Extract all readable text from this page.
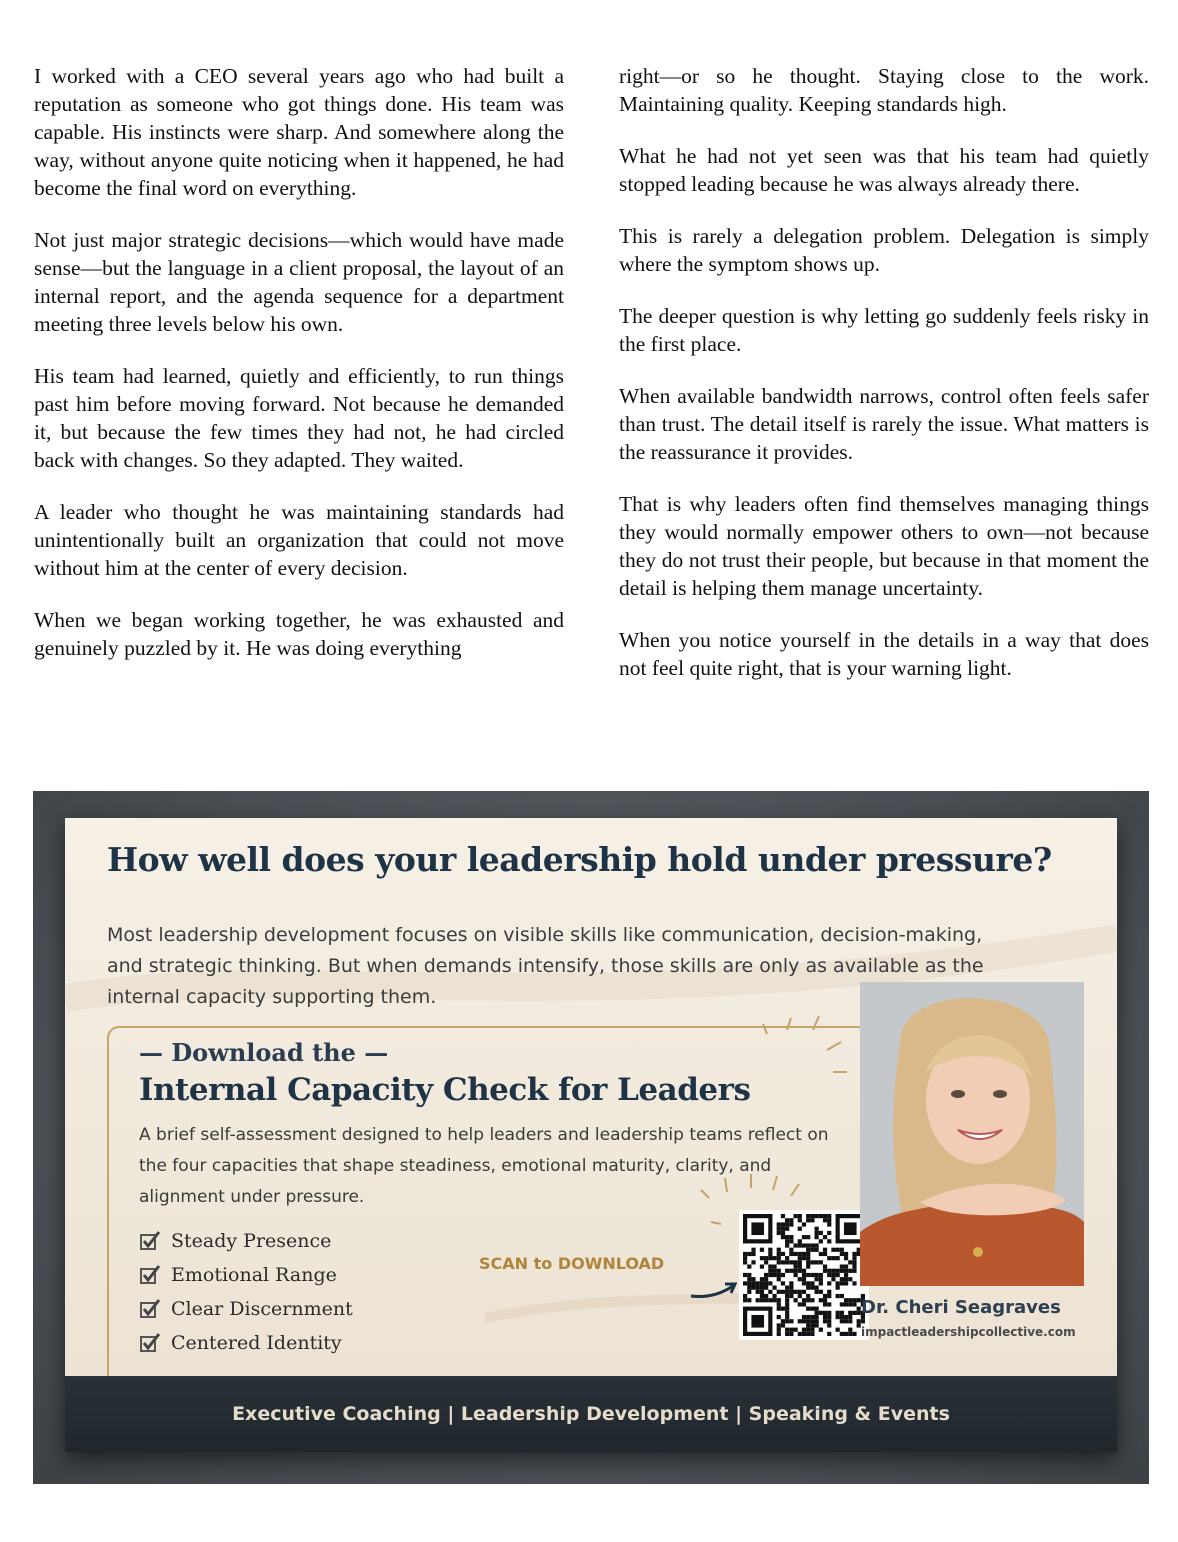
I worked with a CEO several years ago who had built a reputation as someone who got things done. His team was capable. His instincts were sharp. And somewhere along the way, without anyone quite noticing when it happened, he had become the final word on everything.

Not just major strategic decisions—which would have made sense—but the language in a client proposal, the layout of an internal report, and the agenda sequence for a department meeting three levels below his own.

His team had learned, quietly and efficiently, to run things past him before moving forward. Not because he demanded it, but because the few times they had not, he had circled back with changes. So they adapted. They waited.

A leader who thought he was maintaining standards had unintentionally built an organization that could not move without him at the center of every decision.

When we began working together, he was exhausted and genuinely puzzled by it. He was doing everything

right—or so he thought. Staying close to the work. Maintaining quality. Keeping standards high.

What he had not yet seen was that his team had quietly stopped leading because he was always already there.

This is rarely a delegation problem. Delegation is simply where the symptom shows up.

The deeper question is why letting go suddenly feels risky in the first place.

When available bandwidth narrows, control often feels safer than trust. The detail itself is rarely the issue. What matters is the reassurance it provides.

That is why leaders often find themselves managing things they would normally empower others to own—not because they do not trust their people, but because in that moment the detail is helping them manage uncertainty.

When you notice yourself in the details in a way that does not feel quite right, that is your warning light.

How well does your leadership hold under pressure?

Most leadership development focuses on visible skills like communication, decision-making, and strategic thinking. But when demands intensify, those skills are only as available as the internal capacity supporting them.

— Download the —
Internal Capacity Check for Leaders

A brief self-assessment designed to help leaders and leadership teams reflect on the four capacities that shape steadiness, emotional maturity, clarity, and alignment under pressure.

Steady Presence
Emotional Range
Clear Discernment
Centered Identity
SCAN to DOWNLOAD
Dr. Cheri Seagraves
impactleadershipcollective.com
Executive Coaching | Leadership Development | Speaking & Events
